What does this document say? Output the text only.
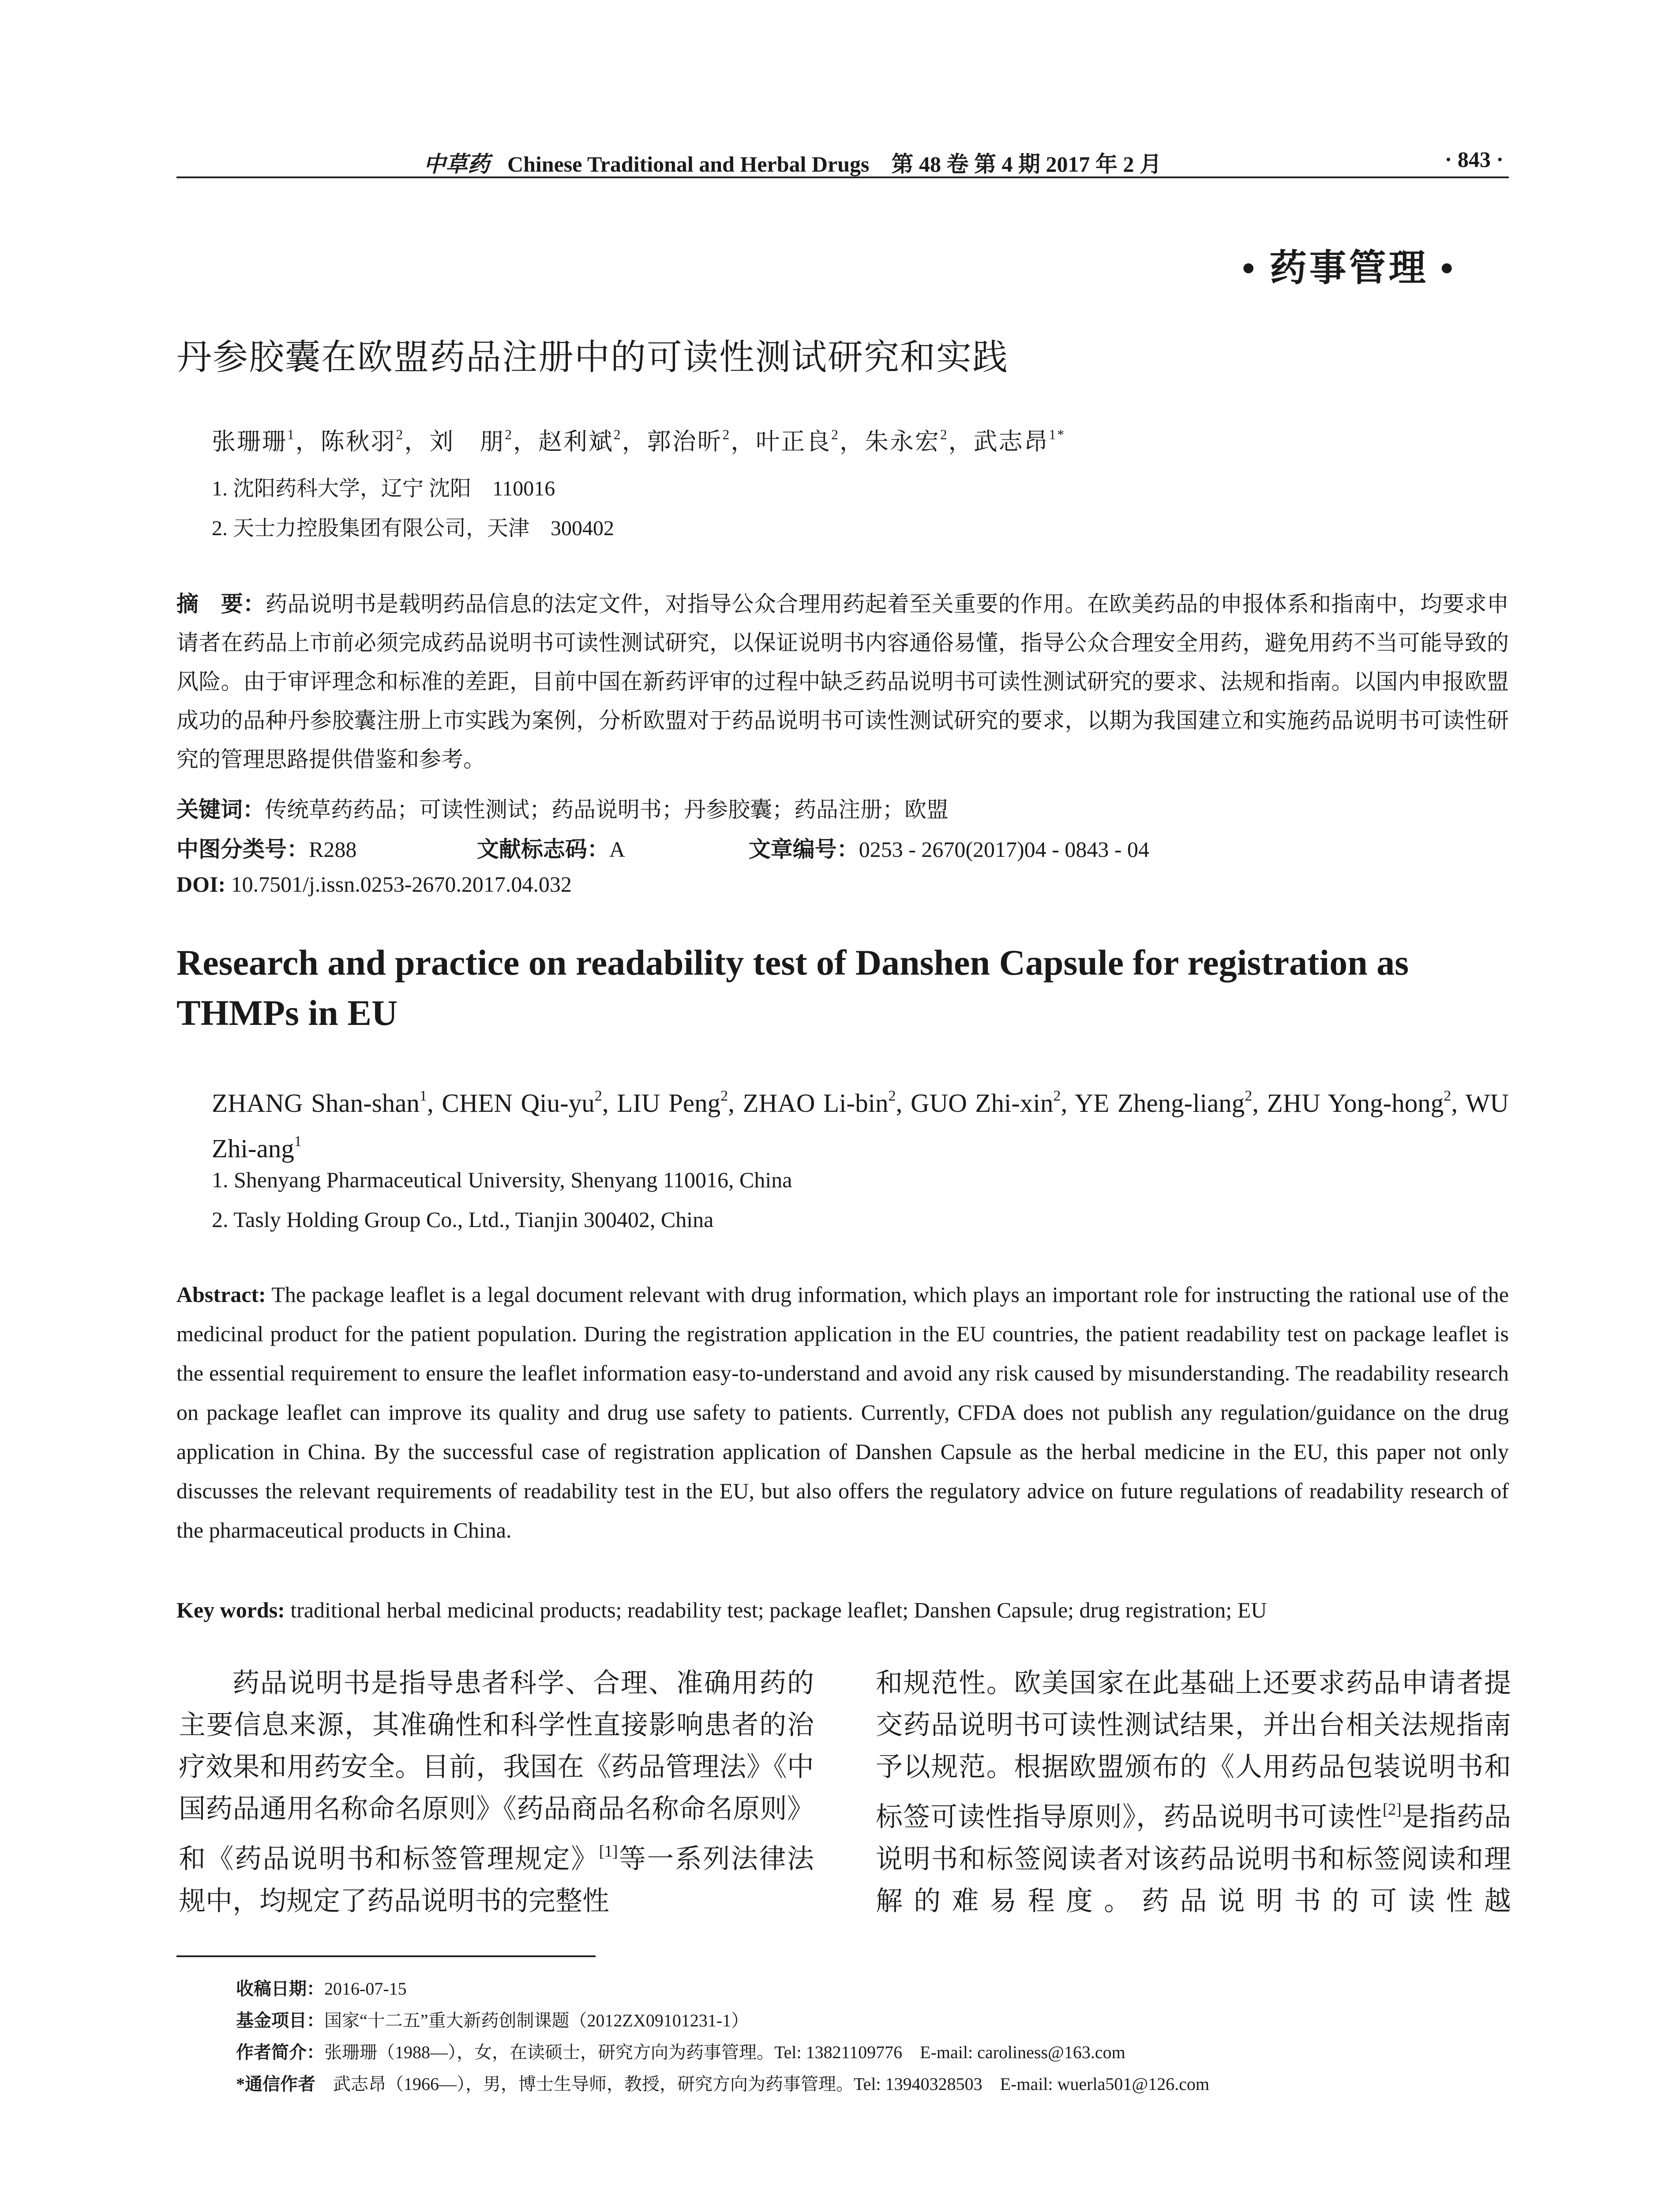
中草药 Chinese Traditional and Herbal Drugs　 第 48 卷 第 4 期 2017 年 2 月	· 843 ·
• 药事管理 •
丹参胶囊在欧盟药品注册中的可读性测试研究和实践
张珊珊$^1$，陈秋羽$^2$，刘　朋$^2$，赵利斌$^2$，郭治昕$^2$，叶正良$^2$，朱永宏$^2$，武志昂$^{1*}$
1. 沈阳药科大学，辽宁 沈阳　110016
2. 天士力控股集团有限公司，天津　300402
摘　要：药品说明书是载明药品信息的法定文件，对指导公众合理用药起着至关重要的作用。在欧美药品的申报体系和指南中，均要求申请者在药品上市前必须完成药品说明书可读性测试研究，以保证说明书内容通俗易懂，指导公众合理安全用药，避免用药不当可能导致的风险。由于审评理念和标准的差距，目前中国在新药评审的过程中缺乏药品说明书可读性测试研究的要求、法规和指南。以国内申报欧盟成功的品种丹参胶囊注册上市实践为案例，分析欧盟对于药品说明书可读性测试研究的要求，以期为我国建立和实施药品说明书可读性研究的管理思路提供借鉴和参考。
关键词：传统草药药品；可读性测试；药品说明书；丹参胶囊；药品注册；欧盟
中图分类号：R288	文献标志码：A	文章编号：0253 - 2670(2017)04 - 0843 - 04
DOI: 10.7501/j.issn.0253-2670.2017.04.032
Research and practice on readability test of Danshen Capsule for registration as
THMPs in EU
ZHANG Shan-shan$^1$, CHEN Qiu-$yu^2$, LIU Peng$^2$, ZHAO Li-bin$^2$, GUO Zhi-xin$^2$, YE Zheng-liang$^2$, ZHU Yong-hong$^2$, WU Zhi-ang$^1$
1. Shenyang Pharmaceutical University, Shenyang 110016, China
2. Tasly Holding Group Co., Ltd., Tianjin 300402, China
Abstract: The package leaflet is a legal document relevant with drug information, which plays an important role for instructing the rational use of the medicinal product for the patient population. During the registration application in the EU countries, the patient readability test on package leaflet is the essential requirement to ensure the leaflet information easy-to-understand and avoid any risk caused by misunderstanding. The readability research on package leaflet can improve its quality and drug use safety to patients. Currently, CFDA does not publish any regulation/guidance on the drug application in China. By the successful case of registration application of Danshen Capsule as the herbal medicine in the EU, this paper not only discusses the relevant requirements of readability test in the EU, but also offers the regulatory advice on future regulations of readability research of the pharmaceutical products in China.
Key words: traditional herbal medicinal products; readability test; package leaflet; Danshen Capsule; drug registration; EU
药品说明书是指导患者科学、合理、准确用药的主要信息来源，其准确性和科学性直接影响患者的治疗效果和用药安全。目前，我国在《药品管理法》《中国药品通用名称命名原则》《药品商品名称命名原则》和《药品说明书和标签管理规定》[1]等一系列法律法规中，均规定了药品说明书的完整性
和规范性。欧美国家在此基础上还要求药品申请者提交药品说明书可读性测试结果，并出台相关法规指南予以规范。根据欧盟颁布的《人用药品包装说明书和标签可读性指导原则》，药品说明书可读性[2]是指药品说明书和标签阅读者对该药品说明书和标签阅读和理解的难易程度。药品说明书的可读性越
收稿日期：2016-07-15
基金项目：国家“十二五”重大新药创制课题（2012ZX09101231-1）
作者简介：张珊珊（1988—），女，在读硕士，研究方向为药事管理。Tel: 13821109776　E-mail: caroliness@163.com
*通信作者　 武志昂（1966—），男，博士生导师，教授，研究方向为药事管理。Tel: 13940328503　E-mail: wuerla501@126.com
